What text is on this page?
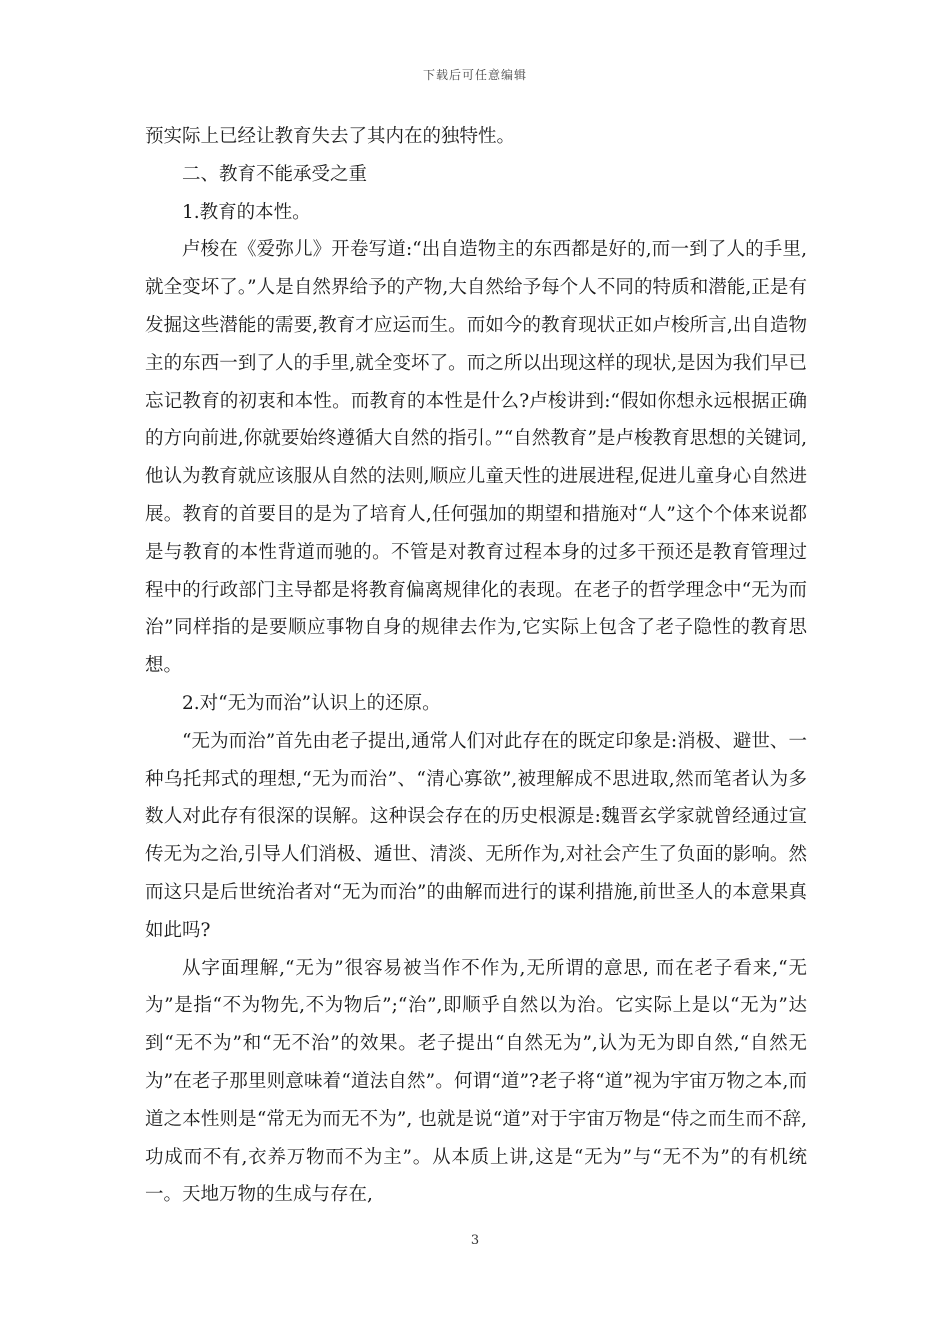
下载后可任意编辑

预实际上已经让教育失去了其内在的独特性。

二、教育不能承受之重

1.教育的本性。

卢梭在《爱弥儿》开卷写道:“出自造物主的东西都是好的,而一到了人的手里,就全变坏了。”人是自然界给予的产物,大自然给予每个人不同的特质和潜能,正是有发掘这些潜能的需要,教育才应运而生。而如今的教育现状正如卢梭所言,出自造物主的东西一到了人的手里,就全变坏了。而之所以出现这样的现状,是因为我们早已忘记教育的初衷和本性。而教育的本性是什么?卢梭讲到:“假如你想永远根据正确的方向前进,你就要始终遵循大自然的指引。”“自然教育”是卢梭教育思想的关键词,他认为教育就应该服从自然的法则,顺应儿童天性的进展进程,促进儿童身心自然进展。教育的首要目的是为了培育人,任何强加的期望和措施对“人”这个个体来说都是与教育的本性背道而驰的。不管是对教育过程本身的过多干预还是教育管理过程中的行政部门主导都是将教育偏离规律化的表现。在老子的哲学理念中“无为而治”同样指的是要顺应事物自身的规律去作为,它实际上包含了老子隐性的教育思想。

2.对“无为而治”认识上的还原。

“无为而治”首先由老子提出,通常人们对此存在的既定印象是:消极、避世、一种乌托邦式的理想,“无为而治”、“清心寡欲”,被理解成不思进取,然而笔者认为多数人对此存有很深的误解。这种误会存在的历史根源是:魏晋玄学家就曾经通过宣传无为之治,引导人们消极、遁世、清淡、无所作为,对社会产生了负面的影响。然而这只是后世统治者对“无为而治”的曲解而进行的谋利措施,前世圣人的本意果真如此吗?

从字面理解,“无为”很容易被当作不作为,无所谓的意思, 而在老子看来,“无为”是指“不为物先,不为物后”;“治”,即顺乎自然以为治。它实际上是以“无为”达到“无不为”和“无不治”的效果。老子提出“自然无为”,认为无为即自然,“自然无为”在老子那里则意味着“道法自然”。何谓“道”?老子将“道”视为宇宙万物之本,而道之本性则是“常无为而无不为”, 也就是说“道”对于宇宙万物是“侍之而生而不辞,功成而不有,衣养万物而不为主”。从本质上讲,这是“无为”与“无不为”的有机统一。天地万物的生成与存在,

3
